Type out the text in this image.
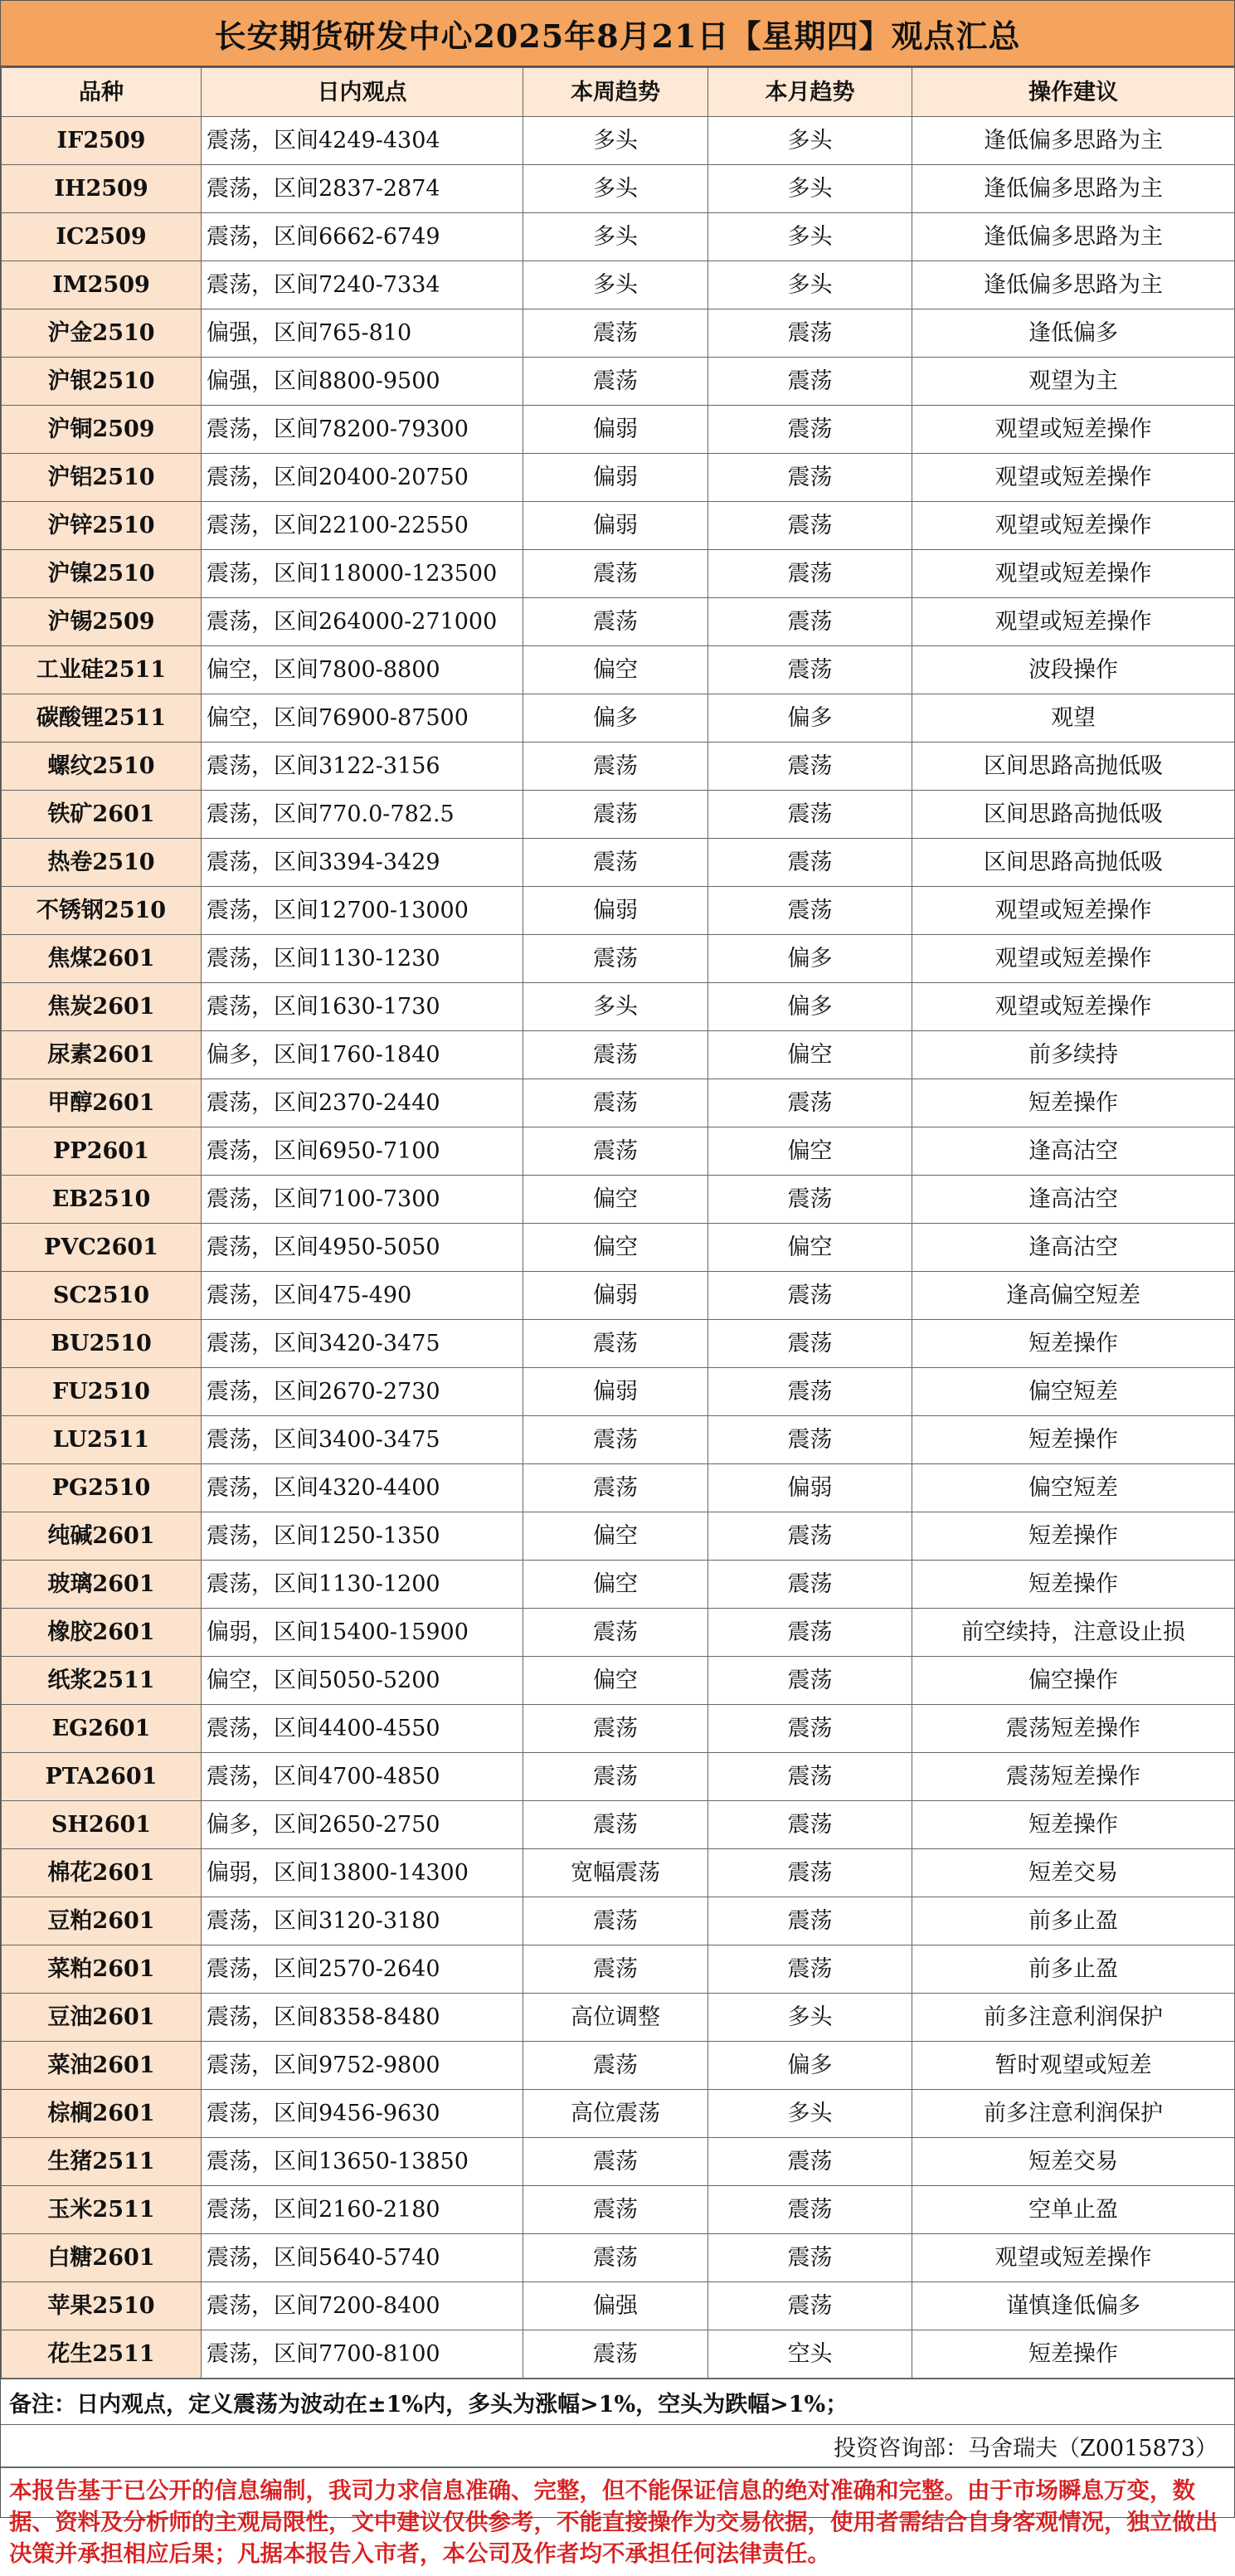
长安期货研发中心2025年8月21日【星期四】观点汇总
品种	日内观点	本周趋势	本月趋势	操作建议
IF2509	震荡，区间4249-4304	多头	多头	逢低偏多思路为主
IH2509	震荡，区间2837-2874	多头	多头	逢低偏多思路为主
IC2509	震荡，区间6662-6749	多头	多头	逢低偏多思路为主
IM2509	震荡，区间7240-7334	多头	多头	逢低偏多思路为主
沪金2510	偏强，区间765-810	震荡	震荡	逢低偏多
沪银2510	偏强，区间8800-9500	震荡	震荡	观望为主
沪铜2509	震荡，区间78200-79300	偏弱	震荡	观望或短差操作
沪铝2510	震荡，区间20400-20750	偏弱	震荡	观望或短差操作
沪锌2510	震荡，区间22100-22550	偏弱	震荡	观望或短差操作
沪镍2510	震荡，区间118000-123500	震荡	震荡	观望或短差操作
沪锡2509	震荡，区间264000-271000	震荡	震荡	观望或短差操作
工业硅2511	偏空，区间7800-8800	偏空	震荡	波段操作
碳酸锂2511	偏空，区间76900-87500	偏多	偏多	观望
螺纹2510	震荡，区间3122-3156	震荡	震荡	区间思路高抛低吸
铁矿2601	震荡，区间770.0-782.5	震荡	震荡	区间思路高抛低吸
热卷2510	震荡，区间3394-3429	震荡	震荡	区间思路高抛低吸
不锈钢2510	震荡，区间12700-13000	偏弱	震荡	观望或短差操作
焦煤2601	震荡，区间1130-1230	震荡	偏多	观望或短差操作
焦炭2601	震荡，区间1630-1730	多头	偏多	观望或短差操作
尿素2601	偏多，区间1760-1840	震荡	偏空	前多续持
甲醇2601	震荡，区间2370-2440	震荡	震荡	短差操作
PP2601	震荡，区间6950-7100	震荡	偏空	逢高沽空
EB2510	震荡，区间7100-7300	偏空	震荡	逢高沽空
PVC2601	震荡，区间4950-5050	偏空	偏空	逢高沽空
SC2510	震荡，区间475-490	偏弱	震荡	逢高偏空短差
BU2510	震荡，区间3420-3475	震荡	震荡	短差操作
FU2510	震荡，区间2670-2730	偏弱	震荡	偏空短差
LU2511	震荡，区间3400-3475	震荡	震荡	短差操作
PG2510	震荡，区间4320-4400	震荡	偏弱	偏空短差
纯碱2601	震荡，区间1250-1350	偏空	震荡	短差操作
玻璃2601	震荡，区间1130-1200	偏空	震荡	短差操作
橡胶2601	偏弱，区间15400-15900	震荡	震荡	前空续持，注意设止损
纸浆2511	偏空，区间5050-5200	偏空	震荡	偏空操作
EG2601	震荡，区间4400-4550	震荡	震荡	震荡短差操作
PTA2601	震荡，区间4700-4850	震荡	震荡	震荡短差操作
SH2601	偏多，区间2650-2750	震荡	震荡	短差操作
棉花2601	偏弱，区间13800-14300	宽幅震荡	震荡	短差交易
豆粕2601	震荡，区间3120-3180	震荡	震荡	前多止盈
菜粕2601	震荡，区间2570-2640	震荡	震荡	前多止盈
豆油2601	震荡，区间8358-8480	高位调整	多头	前多注意利润保护
菜油2601	震荡，区间9752-9800	震荡	偏多	暂时观望或短差
棕榈2601	震荡，区间9456-9630	高位震荡	多头	前多注意利润保护
生猪2511	震荡，区间13650-13850	震荡	震荡	短差交易
玉米2511	震荡，区间2160-2180	震荡	震荡	空单止盈
白糖2601	震荡，区间5640-5740	震荡	震荡	观望或短差操作
苹果2510	震荡，区间7200-8400	偏强	震荡	谨慎逢低偏多
花生2511	震荡，区间7700-8100	震荡	空头	短差操作
备注：日内观点，定义震荡为波动在±1%内，多头为涨幅>1%，空头为跌幅>1%；
投资咨询部：马舍瑞夫（Z0015873）
本报告基于已公开的信息编制，我司力求信息准确、完整，但不能保证信息的绝对准确和完整。由于市场瞬息万变，数据、资料及分析师的主观局限性，文中建议仅供参考，不能直接操作为交易依据，使用者需结合自身客观情况，独立做出决策并承担相应后果；凡据本报告入市者，本公司及作者均不承担任何法律责任。
